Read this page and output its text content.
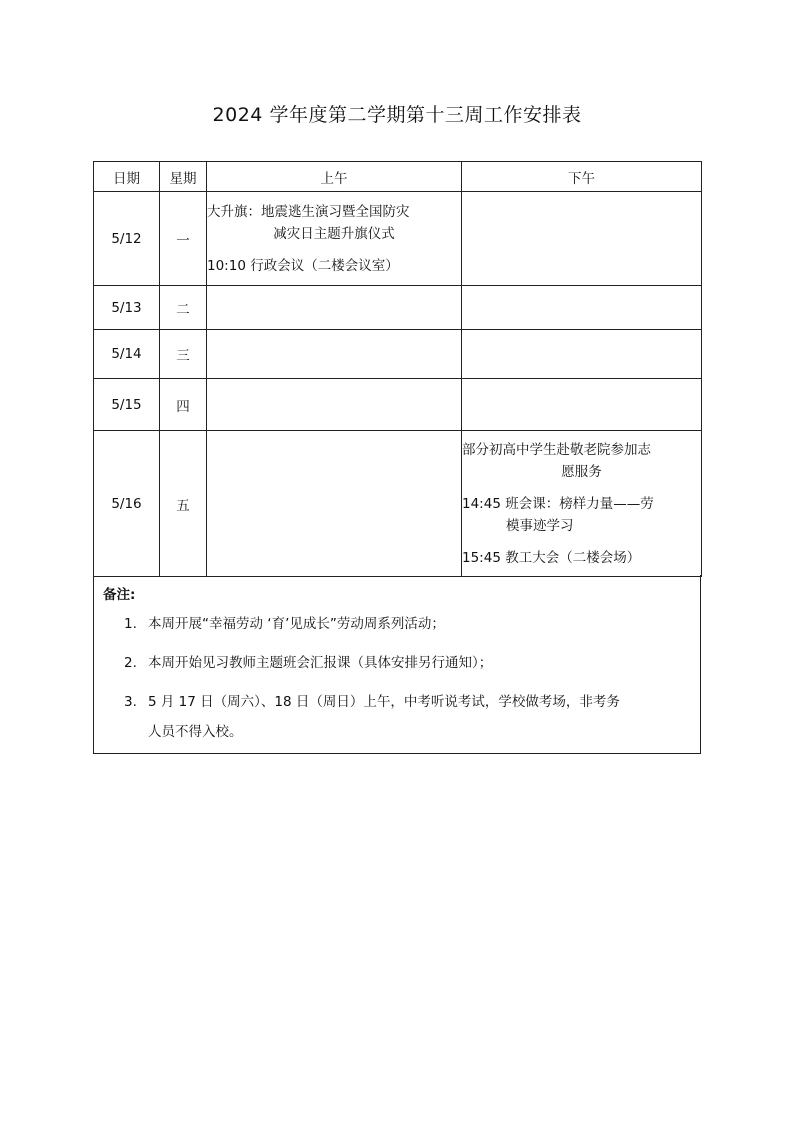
2024 学年度第二学期第十三周工作安排表
日期	星期	上午	下午
5/12	一	大升旗：地震逃生演习暨全国防灾
减灾日主题升旗仪式
10:10 行政会议（二楼会议室）	

5/13	二		
5/14	三		
5/15	四		
5/16	五		部分初高中学生赴敬老院参加志
愿服务
14:45 班会课：榜样力量——劳
模事迹学习
15:45 教工大会（二楼会场）
备注:
1. 本周开展“幸福劳动 ‘育’见成长”劳动周系列活动；
2. 本周开始见习教师主题班会汇报课（具体安排另行通知）；
3. 5 月 17 日（周六）、18 日（周日）上午，中考听说考试，学校做考场，非考务
人员不得入校。
